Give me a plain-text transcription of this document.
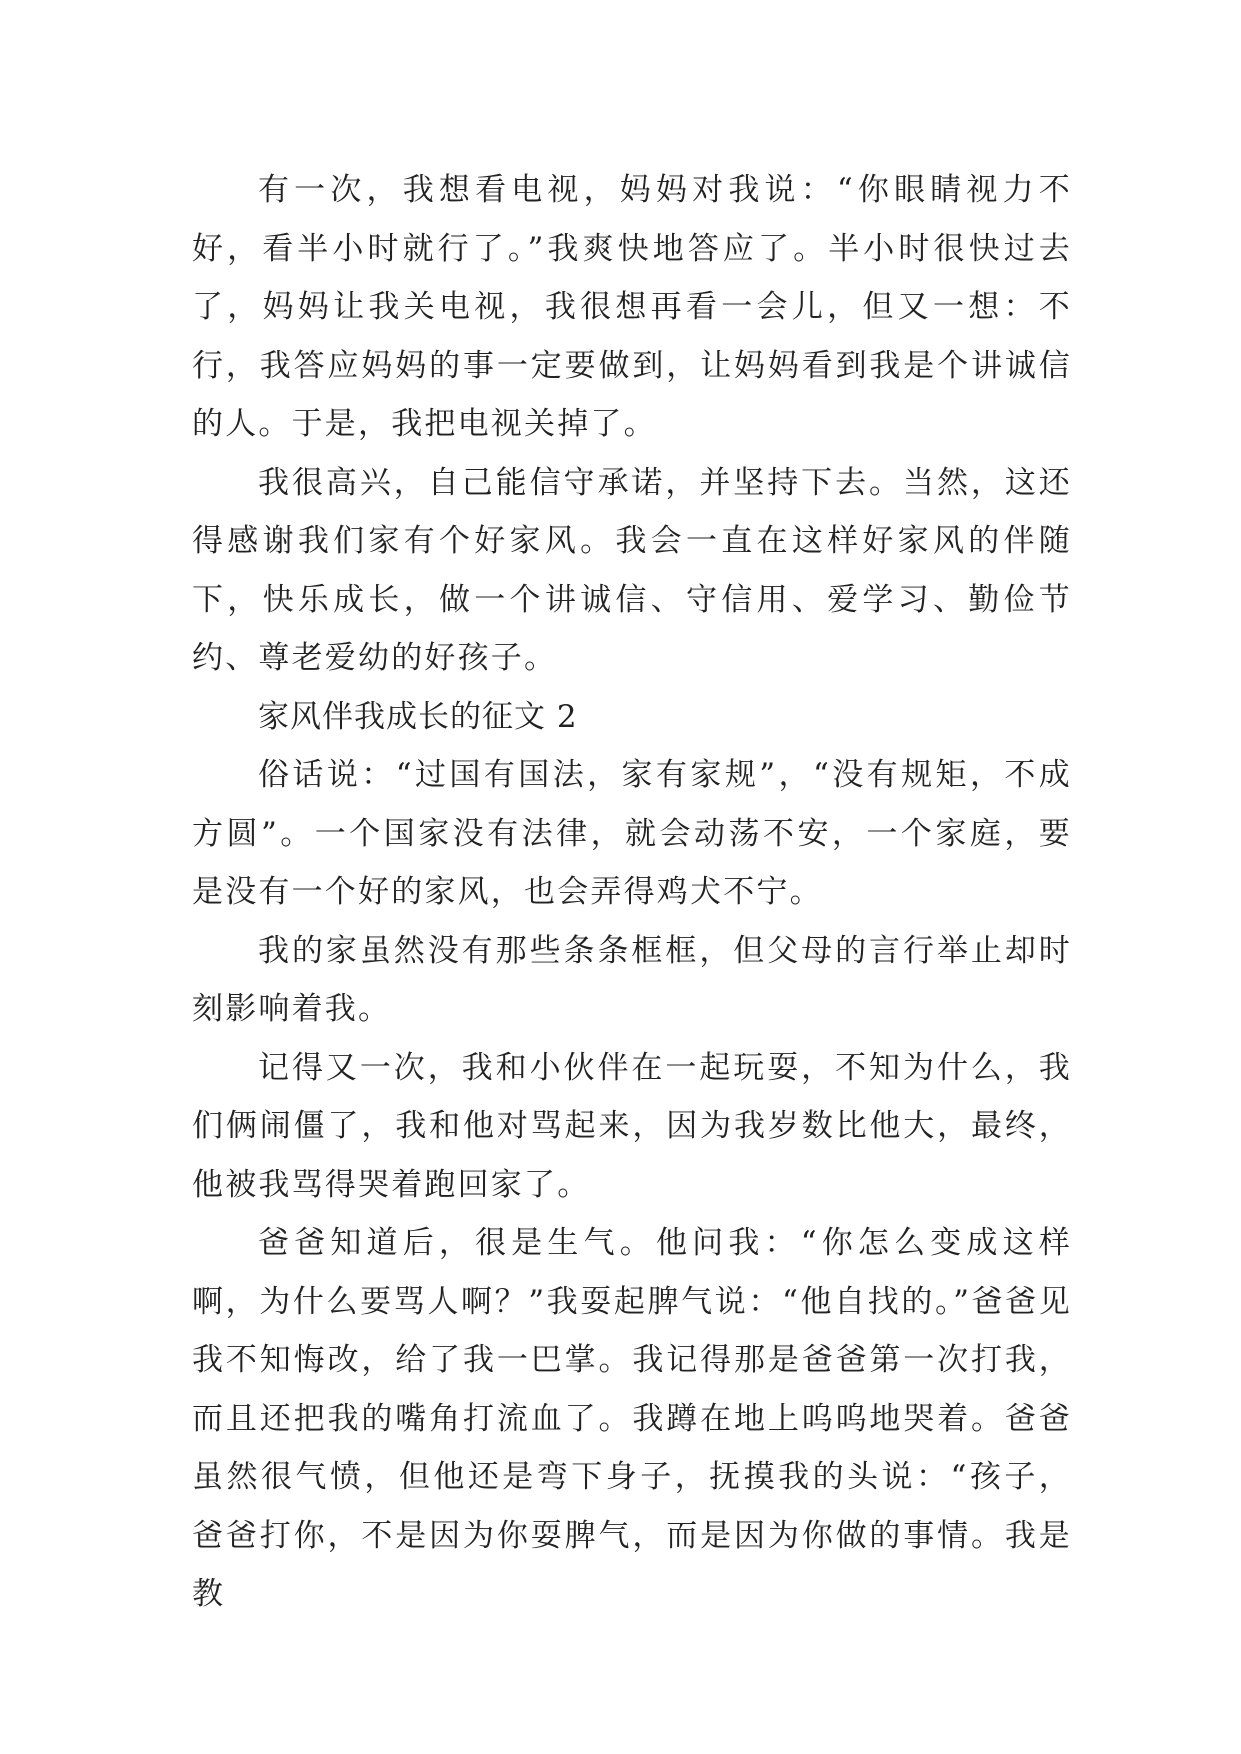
有一次，我想看电视，妈妈对我说：“你眼睛视力不好，看半小时就行了。”我爽快地答应了。半小时很快过去了，妈妈让我关电视，我很想再看一会儿，但又一想：不行，我答应妈妈的事一定要做到，让妈妈看到我是个讲诚信的人。于是，我把电视关掉了。

我很高兴，自己能信守承诺，并坚持下去。当然，这还得感谢我们家有个好家风。我会一直在这样好家风的伴随下，快乐成长，做一个讲诚信、守信用、爱学习、勤俭节约、尊老爱幼的好孩子。

家风伴我成长的征文 2

俗话说：“过国有国法，家有家规”，“没有规矩，不成方圆”。一个国家没有法律，就会动荡不安，一个家庭，要是没有一个好的家风，也会弄得鸡犬不宁。

我的家虽然没有那些条条框框，但父母的言行举止却时刻影响着我。

记得又一次，我和小伙伴在一起玩耍，不知为什么，我们俩闹僵了，我和他对骂起来，因为我岁数比他大，最终，他被我骂得哭着跑回家了。

爸爸知道后，很是生气。他问我：“你怎么变成这样啊，为什么要骂人啊？”我耍起脾气说：“他自找的。”爸爸见我不知悔改，给了我一巴掌。我记得那是爸爸第一次打我，而且还把我的嘴角打流血了。我蹲在地上呜呜地哭着。爸爸虽然很气愤，但他还是弯下身子，抚摸我的头说：“孩子，爸爸打你，不是因为你耍脾气，而是因为你做的事情。我是教
